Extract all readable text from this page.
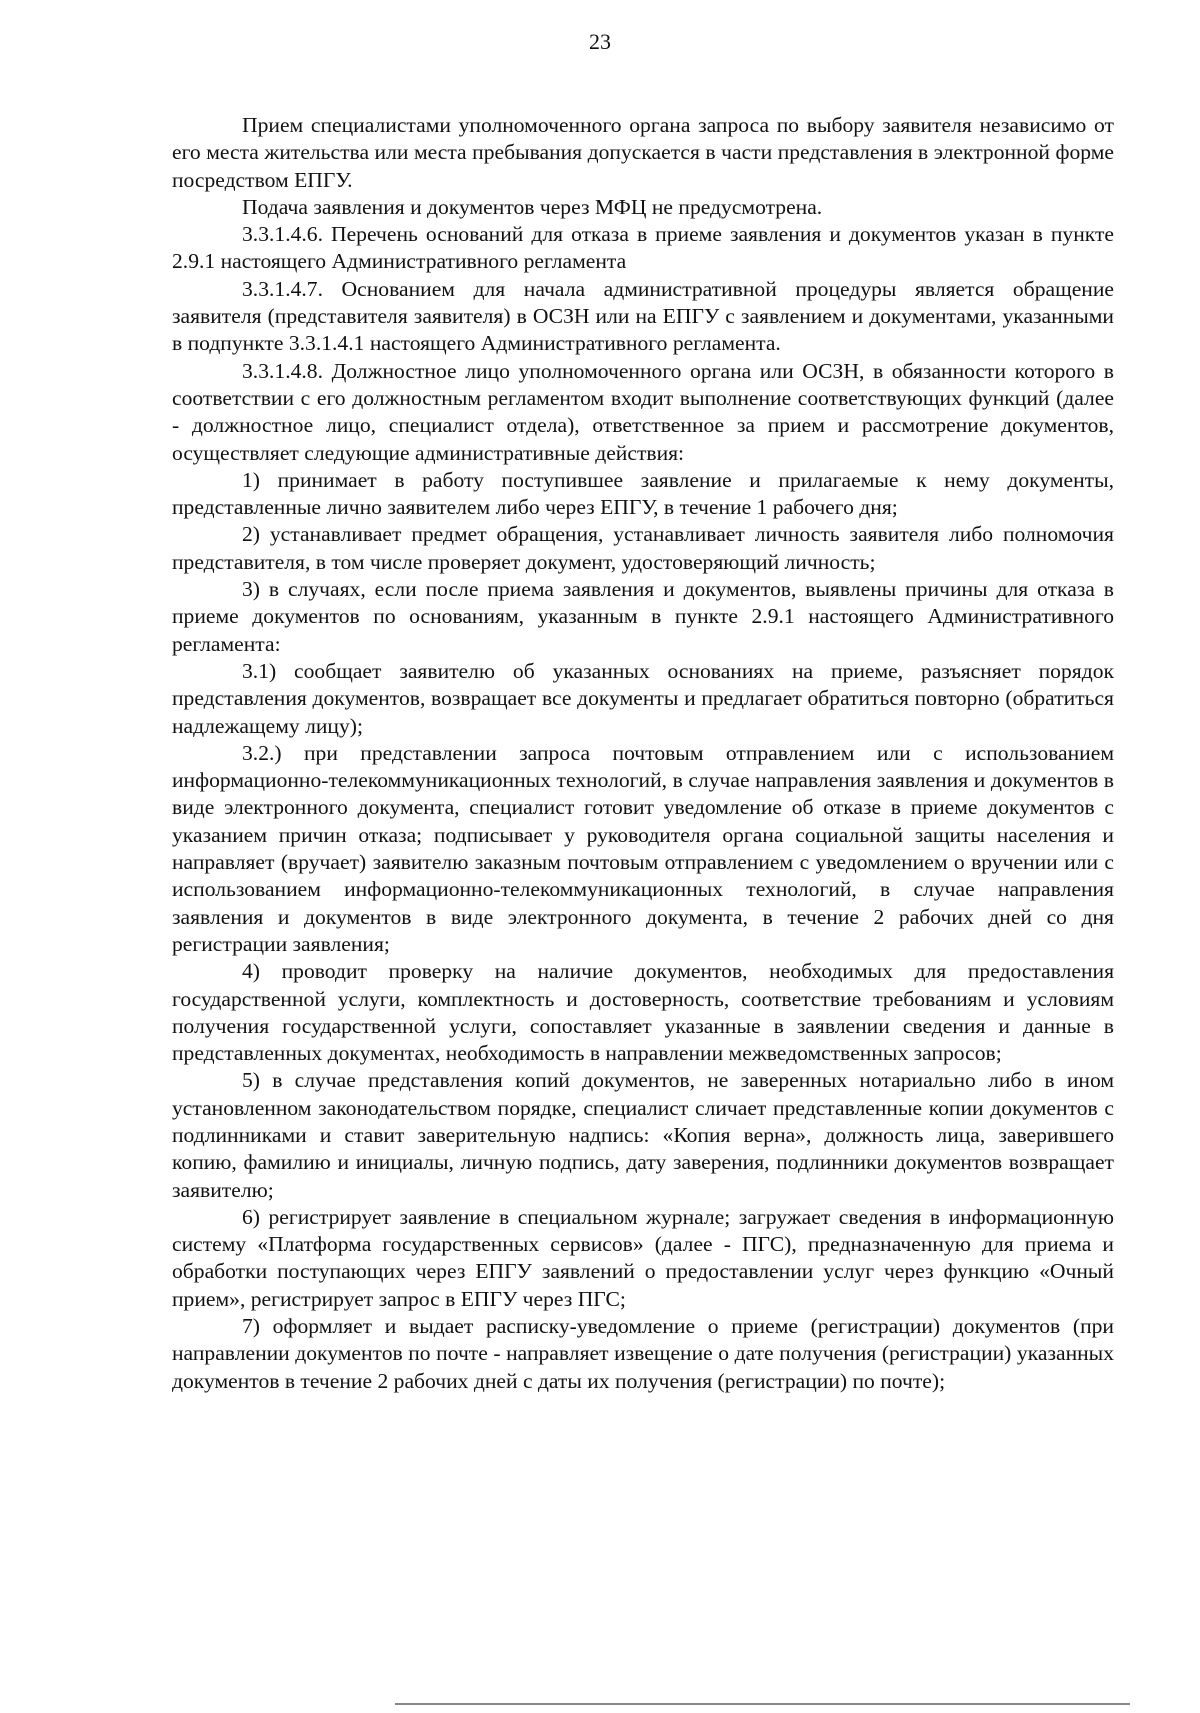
23

Прием специалистами уполномоченного органа запроса по выбору заявителя независимо от его места жительства или места пребывания допускается в части представления в электронной форме посредством ЕПГУ.

Подача заявления и документов через МФЦ не предусмотрена.

3.3.1.4.6. Перечень оснований для отказа в приеме заявления и документов указан в пункте 2.9.1 настоящего Административного регламента

3.3.1.4.7. Основанием для начала административной процедуры является обращение заявителя (представителя заявителя) в ОСЗН или на ЕПГУ с заявлением и документами, указанными в подпункте 3.3.1.4.1 настоящего Административного регламента.

3.3.1.4.8. Должностное лицо уполномоченного органа или ОСЗН, в обязанности которого в соответствии с его должностным регламентом входит выполнение соответствующих функций (далее - должностное лицо, специалист отдела), ответственное за прием и рассмотрение документов, осуществляет следующие административные действия:

1) принимает в работу поступившее заявление и прилагаемые к нему документы, представленные лично заявителем либо через ЕПГУ, в течение 1 рабочего дня;

2) устанавливает предмет обращения, устанавливает личность заявителя либо полномочия представителя, в том числе проверяет документ, удостоверяющий личность;

3) в случаях, если после приема заявления и документов, выявлены причины для отказа в приеме документов по основаниям, указанным в пункте 2.9.1 настоящего Административного регламента:

3.1) сообщает заявителю об указанных основаниях на приеме, разъясняет порядок представления документов, возвращает все документы и предлагает обратиться повторно (обратиться надлежащему лицу);

3.2.) при представлении запроса почтовым отправлением или с использованием информационно-телекоммуникационных технологий, в случае направления заявления и документов в виде электронного документа, специалист готовит уведомление об отказе в приеме документов с указанием причин отказа; подписывает у руководителя органа социальной защиты населения и направляет (вручает) заявителю заказным почтовым отправлением с уведомлением о вручении или с использованием информационно-телекоммуникационных технологий, в случае направления заявления и документов в виде электронного документа, в течение 2 рабочих дней со дня регистрации заявления;

4) проводит проверку на наличие документов, необходимых для предоставления государственной услуги, комплектность и достоверность, соответствие требованиям и условиям получения государственной услуги, сопоставляет указанные в заявлении сведения и данные в представленных документах, необходимость в направлении межведомственных запросов;

5) в случае представления копий документов, не заверенных нотариально либо в ином установленном законодательством порядке, специалист сличает представленные копии документов с подлинниками и ставит заверительную надпись: «Копия верна», должность лица, заверившего копию, фамилию и инициалы, личную подпись, дату заверения, подлинники документов возвращает заявителю;

6) регистрирует заявление в специальном журнале; загружает сведения в информационную систему «Платформа государственных сервисов» (далее - ПГС), предназначенную для приема и обработки поступающих через ЕПГУ заявлений о предоставлении услуг через функцию «Очный прием», регистрирует запрос в ЕПГУ через ПГС;

7) оформляет и выдает расписку-уведомление о приеме (регистрации) документов (при направлении документов по почте - направляет извещение о дате получения (регистрации) указанных документов в течение 2 рабочих дней с даты их получения (регистрации) по почте);
